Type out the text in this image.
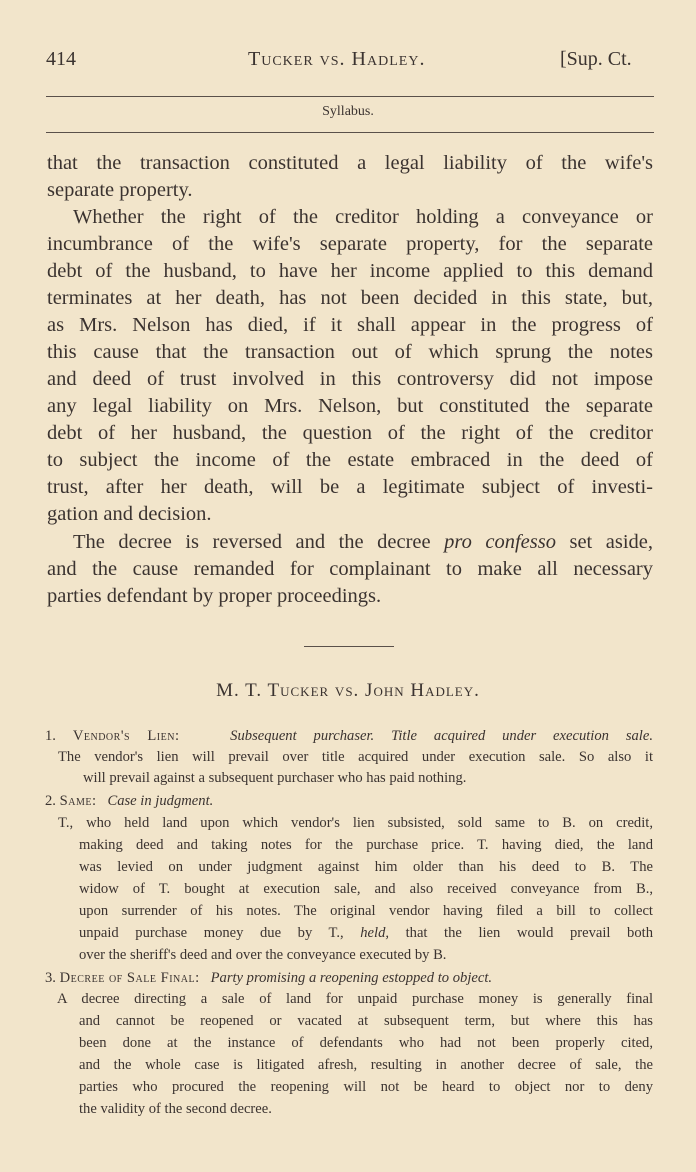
414	Tucker vs. Hadley.	[Sup. Ct.
Syllabus.
that the transaction constituted a legal liability of the wife's
separate property.
Whether the right of the creditor holding a conveyance or
incumbrance of the wife's separate property, for the separate
debt of the husband, to have her income applied to this demand
terminates at her death, has not been decided in this state, but,
as Mrs. Nelson has died, if it shall appear in the progress of
this cause that the transaction out of which sprung the notes
and deed of trust involved in this controversy did not impose
any legal liability on Mrs. Nelson, but constituted the separate
debt of her husband, the question of the right of the creditor
to subject the income of the estate embraced in the deed of
trust, after her death, will be a legitimate subject of investi-
gation and decision.
The decree is reversed and the decree pro confesso set aside,
and the cause remanded for complainant to make all necessary
parties defendant by proper proceedings.
M. T. Tucker vs. John Hadley.
1. Vendor's Lien:	Subsequent purchaser. Title acquired under execution sale.
The vendor's lien will prevail over title acquired under execution sale. So also it
will prevail against a subsequent purchaser who has paid nothing.
2. Same: Case in judgment.
T., who held land upon which vendor's lien subsisted, sold same to B. on credit,
making deed and taking notes for the purchase price. T. having died, the land
was levied on under judgment against him older than his deed to B. The
widow of T. bought at execution sale, and also received conveyance from B.,
upon surrender of his notes. The original vendor having filed a bill to collect
unpaid purchase money due by T., held, that the lien would prevail both
over the sheriff's deed and over the conveyance executed by B.
3. Decree of Sale Final: Party promising a reopening estopped to object.
A decree directing a sale of land for unpaid purchase money is generally final
and cannot be reopened or vacated at subsequent term, but where this has
been done at the instance of defendants who had not been properly cited,
and the whole case is litigated afresh, resulting in another decree of sale, the
parties who procured the reopening will not be heard to object nor to deny
the validity of the second decree.
